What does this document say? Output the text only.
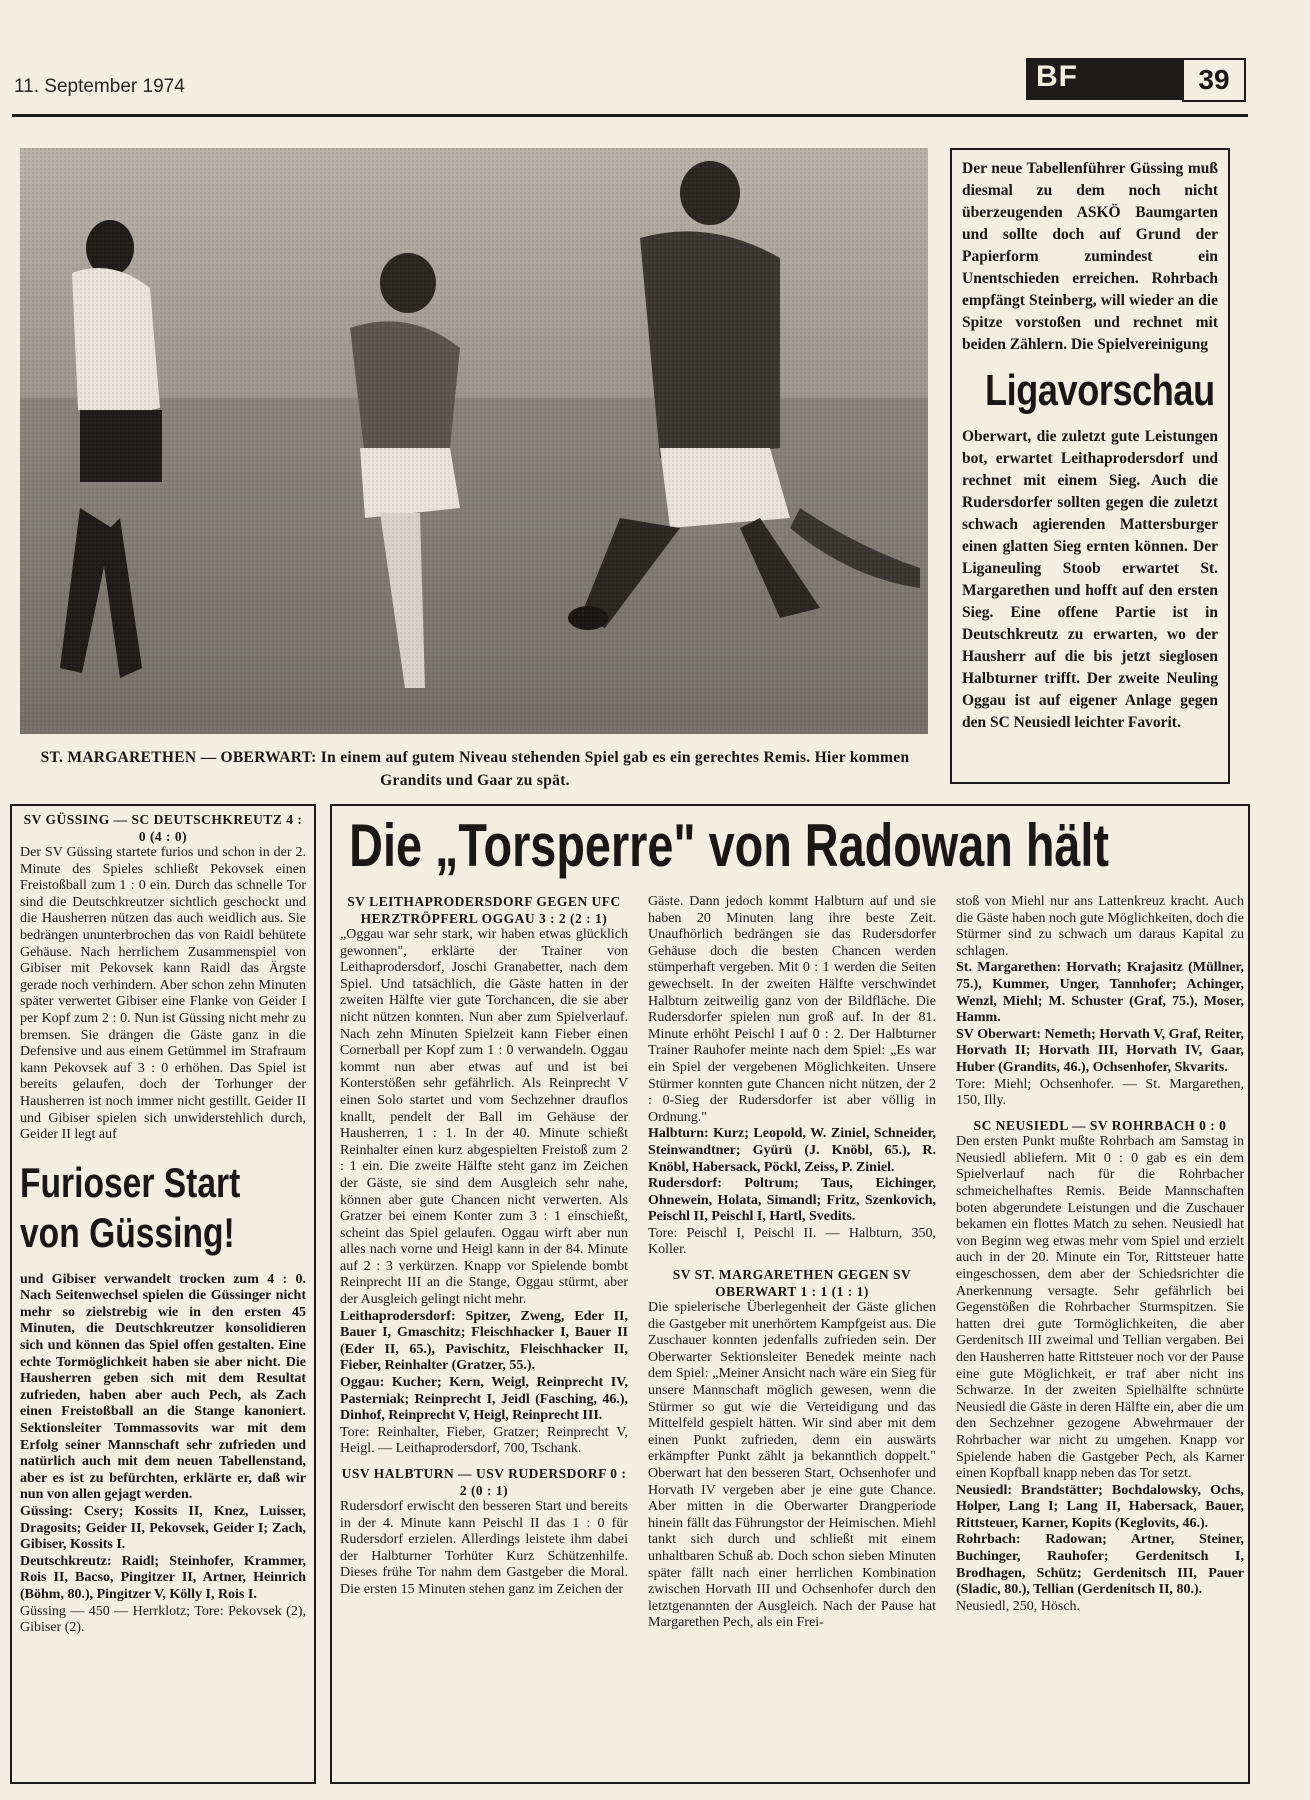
11. September 1974	BF	39
ST. MARGARETHEN — OBERWART: In einem auf gutem Niveau stehenden Spiel gab es ein gerechtes Remis. Hier kommen Grandits und Gaar zu spät.

Der neue Tabellenführer Güssing muß diesmal zu dem noch nicht überzeugenden ASKÖ Baumgarten und sollte doch auf Grund der Papierform zumindest ein Unentschieden erreichen. Rohrbach empfängt Steinberg, will wieder an die Spitze vorstoßen und rechnet mit beiden Zählern. Die Spielvereinigung

Ligavorschau

Oberwart, die zuletzt gute Leistungen bot, erwartet Leithaprodersdorf und rechnet mit einem Sieg. Auch die Rudersdorfer sollten gegen die zuletzt schwach agierenden Mattersburger einen glatten Sieg ernten können. Der Liganeuling Stoob erwartet St. Margarethen und hofft auf den ersten Sieg. Eine offene Partie ist in Deutschkreutz zu erwarten, wo der Hausherr auf die bis jetzt sieglosen Halbturner trifft. Der zweite Neuling Oggau ist auf eigener Anlage gegen den SC Neusiedl leichter Favorit.

SV GÜSSING — SC DEUTSCHKREUTZ 4 : 0 (4 : 0)

Der SV Güssing startete furios und schon in der 2. Minute des Spieles schließt Pekovsek einen Freistoßball zum 1 : 0 ein. Durch das schnelle Tor sind die Deutschkreutzer sichtlich geschockt und die Hausherren nützen das auch weidlich aus. Sie bedrängen ununterbrochen das von Raidl behütete Gehäuse. Nach herrlichem Zusammenspiel von Gibiser mit Pekovsek kann Raidl das Ärgste gerade noch verhindern. Aber schon zehn Minuten später verwertet Gibiser eine Flanke von Geider I per Kopf zum 2 : 0. Nun ist Güssing nicht mehr zu bremsen. Sie drängen die Gäste ganz in die Defensive und aus einem Getümmel im Strafraum kann Pekovsek auf 3 : 0 erhöhen. Das Spiel ist bereits gelaufen, doch der Torhunger der Hausherren ist noch immer nicht gestillt. Geider II und Gibiser spielen sich unwiderstehlich durch, Geider II legt auf

Furioser Start von Güssing!

und Gibiser verwandelt trocken zum 4 : 0. Nach Seitenwechsel spielen die Güssinger nicht mehr so zielstrebig wie in den ersten 45 Minuten, die Deutschkreutzer konsolidieren sich und können das Spiel offen gestalten. Eine echte Tormöglichkeit haben sie aber nicht. Die Hausherren geben sich mit dem Resultat zufrieden, haben aber auch Pech, als Zach einen Freistoßball an die Stange kanoniert. Sektionsleiter Tommassovits war mit dem Erfolg seiner Mannschaft sehr zufrieden und natürlich auch mit dem neuen Tabellenstand, aber es ist zu befürchten, erklärte er, daß wir nun von allen gejagt werden.

Güssing: Csery; Kossits II, Knez, Luisser, Dragosits; Geider II, Pekovsek, Geider I; Zach, Gibiser, Kossits I.

Deutschkreutz: Raidl; Steinhofer, Krammer, Rois II, Bacso, Pingitzer II, Artner, Heinrich (Böhm, 80.), Pingitzer V, Kölly I, Rois I.

Güssing — 450 — Herrklotz; Tore: Pekovsek (2), Gibiser (2).

Die „Torsperre" von Radowan hält

SV LEITHAPRODERSDORF GEGEN UFC HERZTRÖPFERL OGGAU 3 : 2 (2 : 1)

„Oggau war sehr stark, wir haben etwas glücklich gewonnen", erklärte der Trainer von Leithaprodersdorf, Joschi Granabetter, nach dem Spiel. Und tatsächlich, die Gäste hatten in der zweiten Hälfte vier gute Torchancen, die sie aber nicht nützen konnten. Nun aber zum Spielverlauf. Nach zehn Minuten Spielzeit kann Fieber einen Cornerball per Kopf zum 1 : 0 verwandeln. Oggau kommt nun aber etwas auf und ist bei Konterstößen sehr gefährlich. Als Reinprecht V einen Solo startet und vom Sechzehner drauflos knallt, pendelt der Ball im Gehäuse der Hausherren, 1 : 1. In der 40. Minute schießt Reinhalter einen kurz abgespielten Freistoß zum 2 : 1 ein. Die zweite Hälfte steht ganz im Zeichen der Gäste, sie sind dem Ausgleich sehr nahe, können aber gute Chancen nicht verwerten. Als Gratzer bei einem Konter zum 3 : 1 einschießt, scheint das Spiel gelaufen. Oggau wirft aber nun alles nach vorne und Heigl kann in der 84. Minute auf 2 : 3 verkürzen. Knapp vor Spielende bombt Reinprecht III an die Stange, Oggau stürmt, aber der Ausgleich gelingt nicht mehr.

Leithaprodersdorf: Spitzer, Zweng, Eder II, Bauer I, Gmaschitz; Fleischhacker I, Bauer II (Eder II, 65.), Pavischitz, Fleischhacker II, Fieber, Reinhalter (Gratzer, 55.).

Oggau: Kucher; Kern, Weigl, Reinprecht IV, Pasterniak; Reinprecht I, Jeidl (Fasching, 46.), Dinhof, Reinprecht V, Heigl, Reinprecht III.

Tore: Reinhalter, Fieber, Gratzer; Reinprecht V, Heigl. — Leithaprodersdorf, 700, Tschank.

USV HALBTURN — USV RUDERSDORF 0 : 2 (0 : 1)

Rudersdorf erwischt den besseren Start und bereits in der 4. Minute kann Peischl II das 1 : 0 für Rudersdorf erzielen. Allerdings leistete ihm dabei der Halbturner Torhüter Kurz Schützenhilfe. Dieses frühe Tor nahm dem Gastgeber die Moral. Die ersten 15 Minuten stehen ganz im Zeichen der

Gäste. Dann jedoch kommt Halbturn auf und sie haben 20 Minuten lang ihre beste Zeit. Unaufhörlich bedrängen sie das Rudersdorfer Gehäuse doch die besten Chancen werden stümperhaft vergeben. Mit 0 : 1 werden die Seiten gewechselt. In der zweiten Hälfte verschwindet Halbturn zeitweilig ganz von der Bildfläche. Die Rudersdorfer spielen nun groß auf. In der 81. Minute erhöht Peischl I auf 0 : 2. Der Halbturner Trainer Rauhofer meinte nach dem Spiel: „Es war ein Spiel der vergebenen Möglichkeiten. Unsere Stürmer konnten gute Chancen nicht nützen, der 2 : 0-Sieg der Rudersdorfer ist aber völlig in Ordnung."

Halbturn: Kurz; Leopold, W. Ziniel, Schneider, Steinwandtner; Gyürü (J. Knöbl, 65.), R. Knöbl, Habersack, Pöckl, Zeiss, P. Ziniel.

Rudersdorf: Poltrum; Taus, Eichinger, Ohnewein, Holata, Simandl; Fritz, Szenkovich, Peischl II, Peischl I, Hartl, Svedits.

Tore: Peischl I, Peischl II. — Halbturn, 350, Koller.

SV ST. MARGARETHEN GEGEN SV OBERWART 1 : 1 (1 : 1)

Die spielerische Überlegenheit der Gäste glichen die Gastgeber mit unerhörtem Kampfgeist aus. Die Zuschauer konnten jedenfalls zufrieden sein. Der Oberwarter Sektionsleiter Benedek meinte nach dem Spiel: „Meiner Ansicht nach wäre ein Sieg für unsere Mannschaft möglich gewesen, wenn die Stürmer so gut wie die Verteidigung und das Mittelfeld gespielt hätten. Wir sind aber mit dem einen Punkt zufrieden, denn ein auswärts erkämpfter Punkt zählt ja bekanntlich doppelt." Oberwart hat den besseren Start, Ochsenhofer und Horvath IV vergeben aber je eine gute Chance. Aber mitten in die Oberwarter Drangperiode hinein fällt das Führungstor der Heimischen. Miehl tankt sich durch und schließt mit einem unhaltbaren Schuß ab. Doch schon sieben Minuten später fällt nach einer herrlichen Kombination zwischen Horvath III und Ochsenhofer durch den letztgenannten der Ausgleich. Nach der Pause hat Margarethen Pech, als ein Frei-

stoß von Miehl nur ans Lattenkreuz kracht. Auch die Gäste haben noch gute Möglichkeiten, doch die Stürmer sind zu schwach um daraus Kapital zu schlagen.

St. Margarethen: Horvath; Krajasitz (Müllner, 75.), Kummer, Unger, Tannhofer; Achinger, Wenzl, Miehl; M. Schuster (Graf, 75.), Moser, Hamm.

SV Oberwart: Nemeth; Horvath V, Graf, Reiter, Horvath II; Horvath III, Horvath IV, Gaar, Huber (Grandits, 46.), Ochsenhofer, Skvarits.

Tore: Miehl; Ochsenhofer. — St. Margarethen, 150, Illy.

SC NEUSIEDL — SV ROHRBACH 0 : 0

Den ersten Punkt mußte Rohrbach am Samstag in Neusiedl abliefern. Mit 0 : 0 gab es ein dem Spielverlauf nach für die Rohrbacher schmeichelhaftes Remis. Beide Mannschaften boten abgerundete Leistungen und die Zuschauer bekamen ein flottes Match zu sehen. Neusiedl hat von Beginn weg etwas mehr vom Spiel und erzielt auch in der 20. Minute ein Tor, Rittsteuer hatte eingeschossen, dem aber der Schiedsrichter die Anerkennung versagte. Sehr gefährlich bei Gegenstößen die Rohrbacher Sturmspitzen. Sie hatten drei gute Tormöglichkeiten, die aber Gerdenitsch III zweimal und Tellian vergaben. Bei den Hausherren hatte Rittsteuer noch vor der Pause eine gute Möglichkeit, er traf aber nicht ins Schwarze. In der zweiten Spielhälfte schnürte Neusiedl die Gäste in deren Hälfte ein, aber die um den Sechzehner gezogene Abwehrmauer der Rohrbacher war nicht zu umgehen. Knapp vor Spielende haben die Gastgeber Pech, als Karner einen Kopfball knapp neben das Tor setzt.

Neusiedl: Brandstätter; Bochdalowsky, Ochs, Holper, Lang I; Lang II, Habersack, Bauer, Rittsteuer, Karner, Kopits (Keglovits, 46.).

Rohrbach: Radowan; Artner, Steiner, Buchinger, Rauhofer; Gerdenitsch I, Brodhagen, Schütz; Gerdenitsch III, Pauer (Sladic, 80.), Tellian (Gerdenitsch II, 80.).

Neusiedl, 250, Hösch.
